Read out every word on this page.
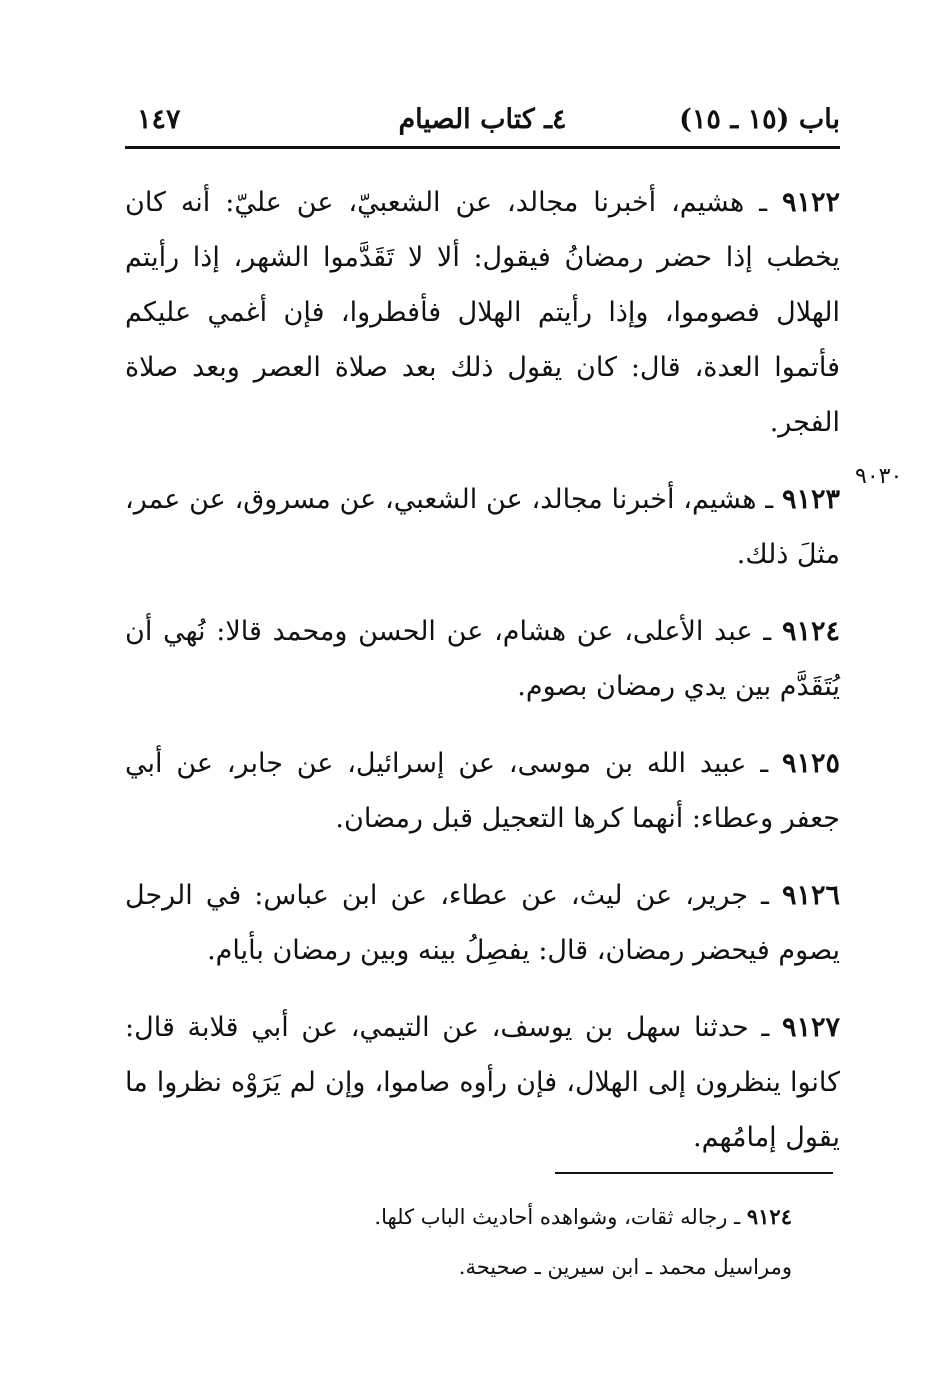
باب (١٥ ـ ١٥)
٤ـ كتاب الصيام
١٤٧
٩٠٣٠

٩١٢٢ ـ هشيم، أخبرنا مجالد، عن الشعبيّ، عن عليّ: أنه كان يخطب إذا حضر رمضانُ فيقول: ألا لا تَقَدَّموا الشهر، إذا رأيتم الهلال فصوموا، وإذا رأيتم الهلال فأفطروا، فإن أغمي عليكم فأتموا العدة، قال: كان يقول ذلك بعد صلاة العصر وبعد صلاة الفجر.

٩١٢٣ ـ هشيم، أخبرنا مجالد، عن الشعبي، عن مسروق، عن عمر، مثلَ ذلك.

٩١٢٤ ـ عبد الأعلى، عن هشام، عن الحسن ومحمد قالا: نُهي أن يُتَقَدَّم بين يدي رمضان بصوم.

٩١٢٥ ـ عبيد الله بن موسى، عن إسرائيل، عن جابر، عن أبي جعفر وعطاء: أنهما كرها التعجيل قبل رمضان.

٩١٢٦ ـ جرير، عن ليث، عن عطاء، عن ابن عباس: في الرجل يصوم فيحضر رمضان، قال: يفصِلُ بينه وبين رمضان بأيام.

٩١٢٧ ـ حدثنا سهل بن يوسف، عن التيمي، عن أبي قلابة قال: كانوا ينظرون إلى الهلال، فإن رأوه صاموا، وإن لم يَرَوْه نظروا ما يقول إمامُهم.

٩١٢٤ ـ رجاله ثقات، وشواهده أحاديث الباب كلها.
ومراسيل محمد ـ ابن سيرين ـ صحيحة.
